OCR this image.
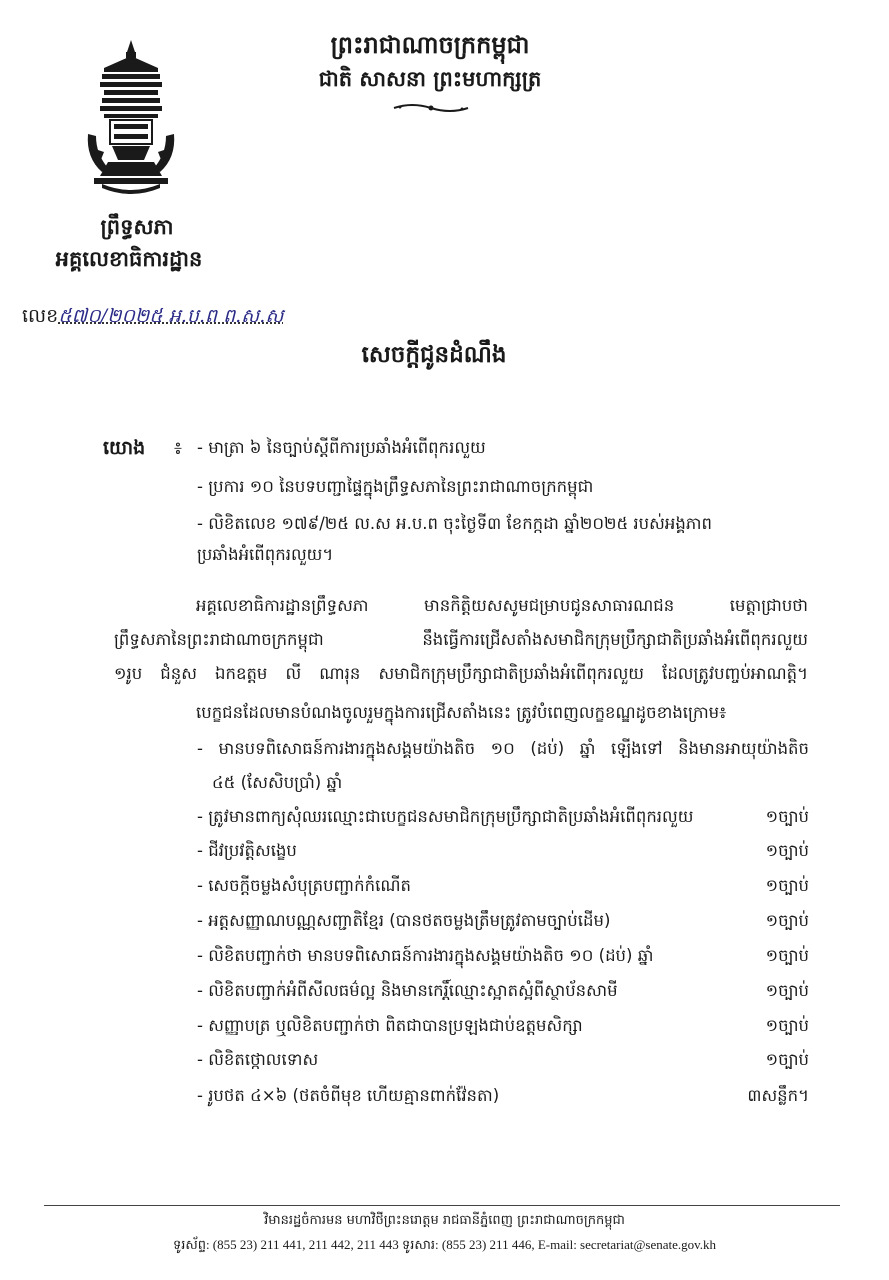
ព្រះរាជាណាចក្រកម្ពុជា
ជាតិ សាសនា ព្រះមហាក្សត្រ
ព្រឹទ្ធសភា
អគ្គលេខាធិការដ្ឋាន
លេខ៥៧០/២០២៥ អ.ប.ព ព.ស.ស
សេចក្តីជូនដំណឹង
យោង ៖ - មាត្រា ៦ នៃច្បាប់ស្តីពីការប្រឆាំងអំពើពុករលួយ
- ប្រការ ១០ នៃបទបញ្ជាផ្ទៃក្នុងព្រឹទ្ធសភានៃព្រះរាជាណាចក្រកម្ពុជា
- លិខិតលេខ ១៧៩/២៥ ល.ស អ.ប.ព ចុះថ្ងៃទី៣ ខែកក្កដា ឆ្នាំ២០២៥ របស់អង្គភាព
ប្រឆាំងអំពើពុករលួយ។
អគ្គលេខាធិការដ្ឋានព្រឹទ្ធសភា មានកិត្តិយសសូមជម្រាបជូនសាធារណជន មេត្តាជ្រាបថា
ព្រឹទ្ធសភានៃព្រះរាជាណាចក្រកម្ពុជា នឹងធ្វើការជ្រើសតាំងសមាជិកក្រុមប្រឹក្សាជាតិប្រឆាំងអំពើពុករលួយ
១រូប ជំនួស ឯកឧត្តម លី ណារុន សមាជិកក្រុមប្រឹក្សាជាតិប្រឆាំងអំពើពុករលួយ ដែលត្រូវបញ្ចប់អាណត្តិ។
បេក្ខជនដែលមានបំណងចូលរួមក្នុងការជ្រើសតាំងនេះ ត្រូវបំពេញលក្ខខណ្ឌដូចខាងក្រោម៖
- មានបទពិសោធន៍ការងារក្នុងសង្គមយ៉ាងតិច ១០ (ដប់) ឆ្នាំ ឡើងទៅ និងមានអាយុយ៉ាងតិច
៤៥ (សែសិបប្រាំ) ឆ្នាំ
- ត្រូវមានពាក្យសុំឈរឈ្មោះជាបេក្ខជនសមាជិកក្រុមប្រឹក្សាជាតិប្រឆាំងអំពើពុករលួយ	១ច្បាប់
- ជីវប្រវត្តិសង្ខេប	១ច្បាប់
- សេចក្តីចម្លងសំបុត្របញ្ជាក់កំណើត	១ច្បាប់
- អត្តសញ្ញាណបណ្ណសញ្ជាតិខ្មែរ (បានថតចម្លងត្រឹមត្រូវតាមច្បាប់ដើម)	១ច្បាប់
- លិខិតបញ្ជាក់ថា មានបទពិសោធន៍ការងារក្នុងសង្គមយ៉ាងតិច ១០ (ដប់) ឆ្នាំ	១ច្បាប់
- លិខិតបញ្ជាក់អំពីសីលធម៌ល្អ និងមានកេរ្តិ៍ឈ្មោះស្អាតស្អំពីស្ថាប័នសាមី	១ច្បាប់
- សញ្ញាបត្រ ឬលិខិតបញ្ជាក់ថា ពិតជាបានប្រឡងជាប់ឧត្តមសិក្សា	១ច្បាប់
- លិខិតថ្កោលទោស	១ច្បាប់
- រូបថត ៤×៦ (ថតចំពីមុខ ហើយគ្មានពាក់វ៉ែនតា)	៣សន្លឹក។
វិមានរដ្ឋចំការមន មហាវិថីព្រះនរោត្តម រាជធានីភ្នំពេញ ព្រះរាជាណាចក្រកម្ពុជា
ទូរស័ព្ទ: (855 23) 211 441, 211 442, 211 443 ទូរសារ: (855 23) 211 446, E-mail: secretariat@senate.gov.kh
